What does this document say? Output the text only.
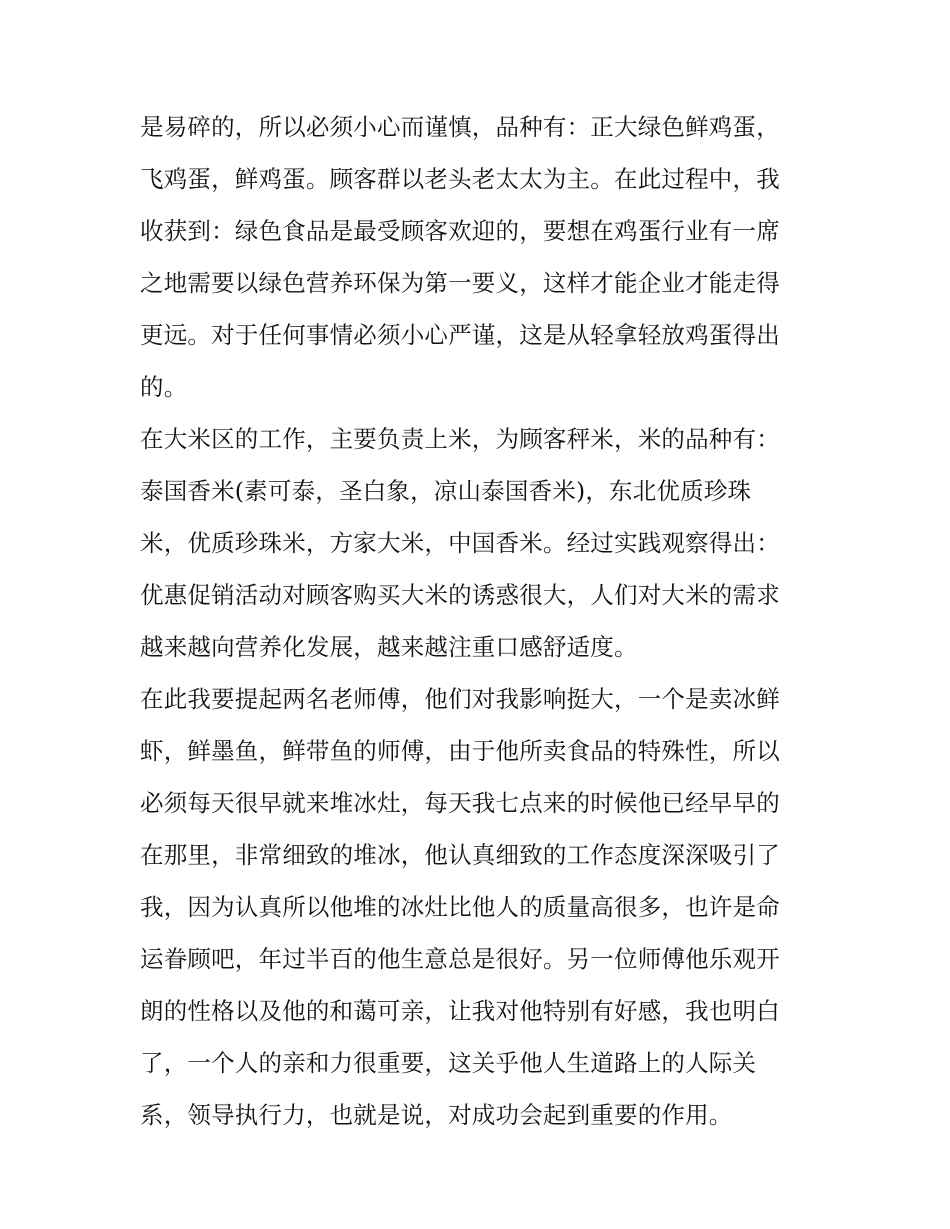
是易碎的，所以必须小心而谨慎，品种有：正大绿色鲜鸡蛋，
飞鸡蛋，鲜鸡蛋。顾客群以老头老太太为主。在此过程中，我
收获到：绿色食品是最受顾客欢迎的，要想在鸡蛋行业有一席
之地需要以绿色营养环保为第一要义，这样才能企业才能走得
更远。对于任何事情必须小心严谨，这是从轻拿轻放鸡蛋得出
的。
在大米区的工作，主要负责上米，为顾客秤米，米的品种有：
泰国香米(素可泰，圣白象，凉山泰国香米)，东北优质珍珠
米，优质珍珠米，方家大米，中国香米。经过实践观察得出：
优惠促销活动对顾客购买大米的诱惑很大，人们对大米的需求
越来越向营养化发展，越来越注重口感舒适度。
在此我要提起两名老师傅，他们对我影响挺大，一个是卖冰鲜
虾，鲜墨鱼，鲜带鱼的师傅，由于他所卖食品的特殊性，所以
必须每天很早就来堆冰灶，每天我七点来的时候他已经早早的
在那里，非常细致的堆冰，他认真细致的工作态度深深吸引了
我，因为认真所以他堆的冰灶比他人的质量高很多，也许是命
运眷顾吧，年过半百的他生意总是很好。另一位师傅他乐观开
朗的性格以及他的和蔼可亲，让我对他特别有好感，我也明白
了，一个人的亲和力很重要，这关乎他人生道路上的人际关
系，领导执行力，也就是说，对成功会起到重要的作用。
